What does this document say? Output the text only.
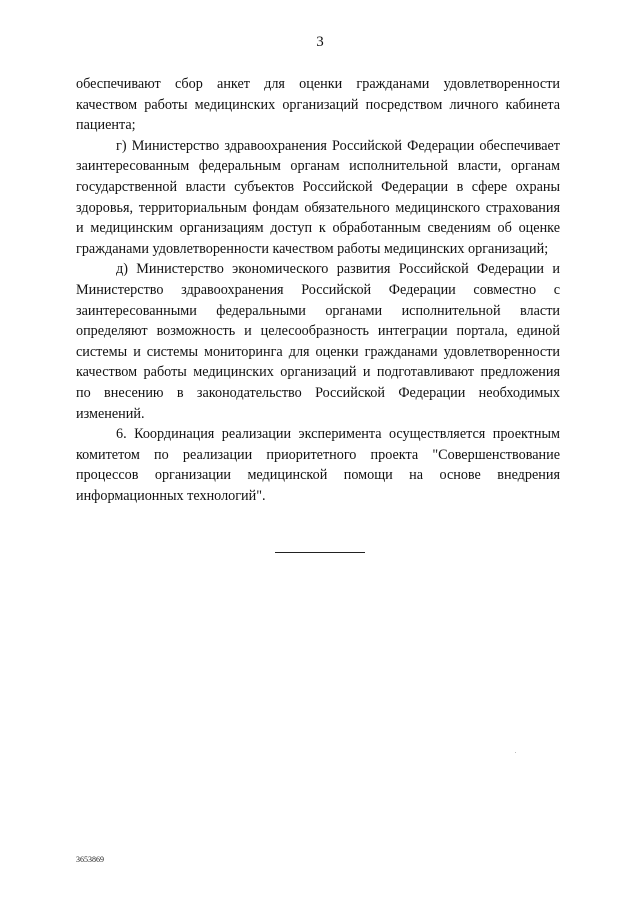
3

обеспечивают сбор анкет для оценки гражданами удовлетворенности качеством работы медицинских организаций посредством личного кабинета пациента;

г) Министерство здравоохранения Российской Федерации обеспечивает заинтересованным федеральным органам исполнительной власти, органам государственной власти субъектов Российской Федерации в сфере охраны здоровья, территориальным фондам обязательного медицинского страхования и медицинским организациям доступ к обработанным сведениям об оценке гражданами удовлетворенности качеством работы медицинских организаций;

д) Министерство экономического развития Российской Федерации и Министерство здравоохранения Российской Федерации совместно с заинтересованными федеральными органами исполнительной власти определяют возможность и целесообразность интеграции портала, единой системы и системы мониторинга для оценки гражданами удовлетворенности качеством работы медицинских организаций и подготавливают предложения по внесению в законодательство Российской Федерации необходимых изменений.

6. Координация реализации эксперимента осуществляется проектным комитетом по реализации приоритетного проекта "Совершенствование процессов организации медицинской помощи на основе внедрения информационных технологий".

3653869
